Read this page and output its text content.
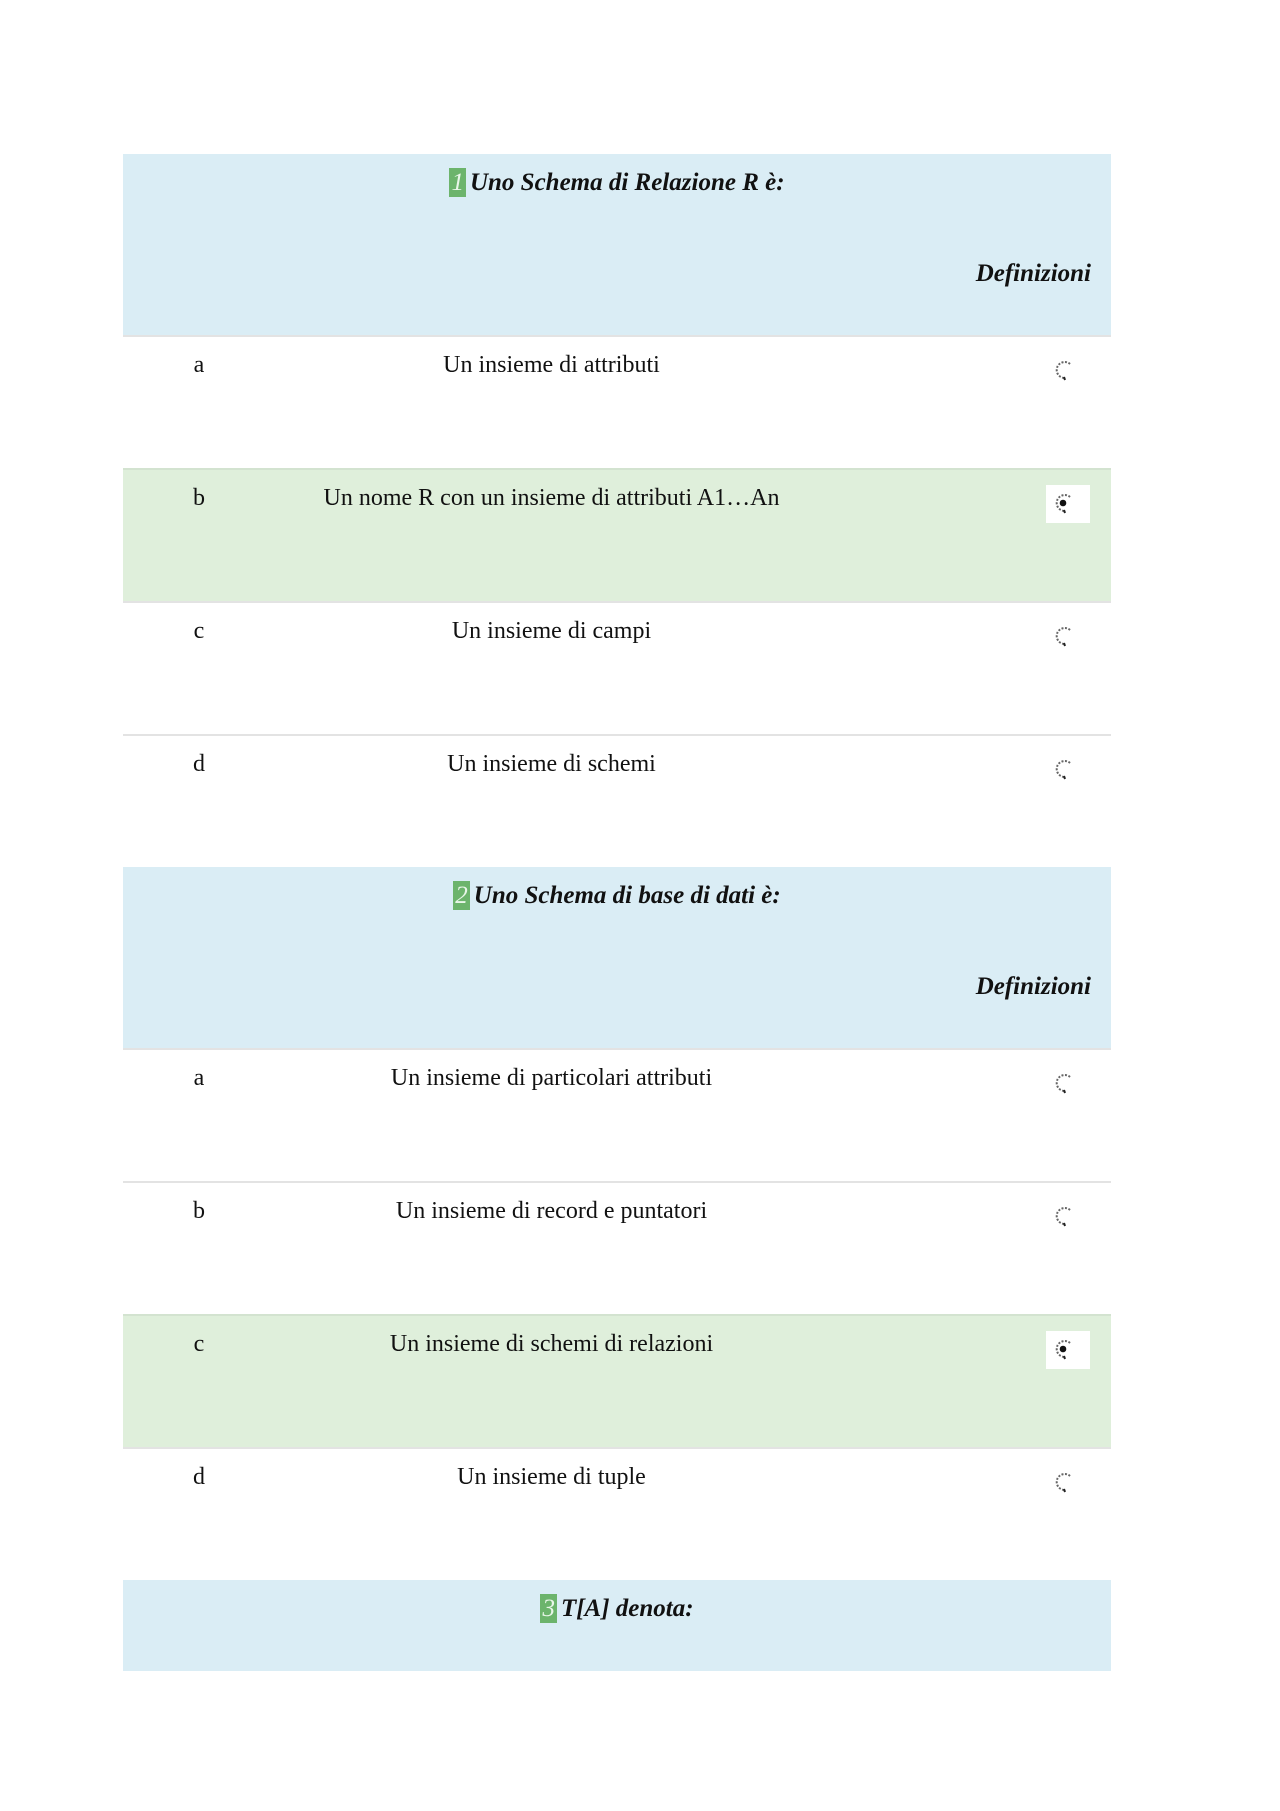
1 Uno Schema di Relazione R è:
Definizioni
a	Un insieme di attributi
b	Un nome R con un insieme di attributi A1…An
c	Un insieme di campi
d	Un insieme di schemi
2 Uno Schema di base di dati è:
Definizioni
a	Un insieme di particolari attributi
b	Un insieme di record e puntatori
c	Un insieme di schemi di relazioni
d	Un insieme di tuple
3 T[A] denota:
